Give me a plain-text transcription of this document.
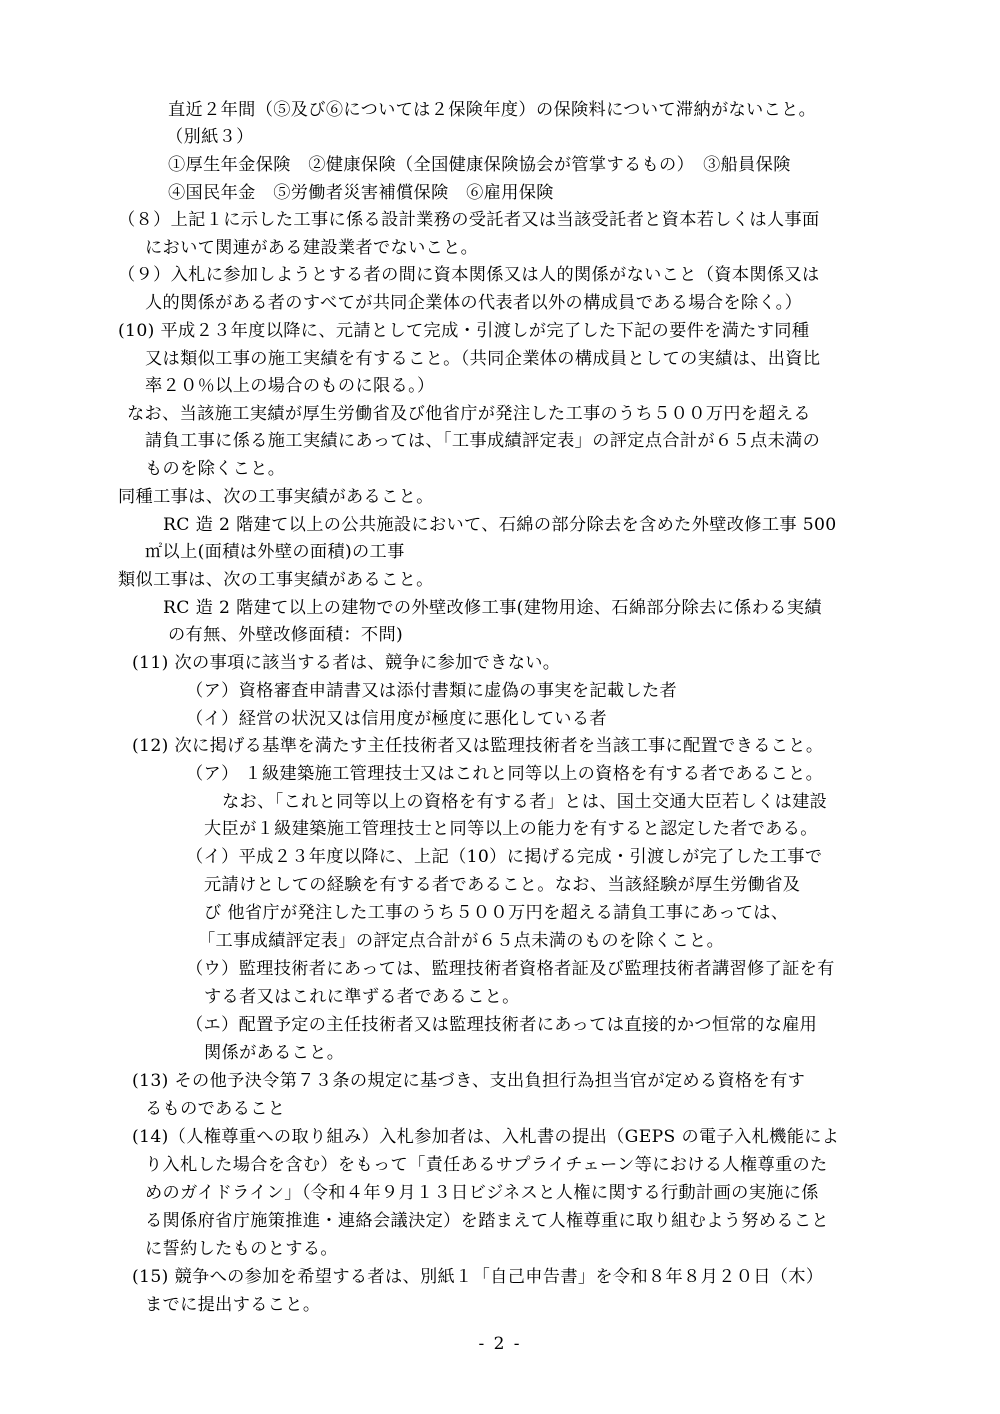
直近２年間（⑤及び⑥については２保険年度）の保険料について滞納がないこと。
（別紙３）
①厚生年金保険　②健康保険（全国健康保険協会が管掌するもの）　③船員保険
④国民年金　⑤労働者災害補償保険　⑥雇用保険
（８）上記１に示した工事に係る設計業務の受託者又は当該受託者と資本若しくは人事面
において関連がある建設業者でないこと。
（９）入札に参加しようとする者の間に資本関係又は人的関係がないこと（資本関係又は
人的関係がある者のすべてが共同企業体の代表者以外の構成員である場合を除く。）
(10) 平成２３年度以降に、元請として完成・引渡しが完了した下記の要件を満たす同種
又は類似工事の施工実績を有すること。（共同企業体の構成員としての実績は、出資比
率２０％以上の場合のものに限る。）
なお、当該施工実績が厚生労働省及び他省庁が発注した工事のうち５００万円を超える
請負工事に係る施工実績にあっては、「工事成績評定表」の評定点合計が６５点未満の
ものを除くこと。
同種工事は、次の工事実績があること。
RC 造 2 階建て以上の公共施設において、石綿の部分除去を含めた外壁改修工事 500
㎡以上(面積は外壁の面積)の工事
類似工事は、次の工事実績があること。
RC 造 2 階建て以上の建物での外壁改修工事(建物用途、石綿部分除去に係わる実績
の有無、外壁改修面積：不問)
(11) 次の事項に該当する者は、競争に参加できない。
（ア）資格審査申請書又は添付書類に虚偽の事実を記載した者
（イ）経営の状況又は信用度が極度に悪化している者
(12) 次に掲げる基準を満たす主任技術者又は監理技術者を当該工事に配置できること。
（ア） １級建築施工管理技士又はこれと同等以上の資格を有する者であること。
なお、「これと同等以上の資格を有する者」とは、国土交通大臣若しくは建設
大臣が１級建築施工管理技士と同等以上の能力を有すると認定した者である。
（イ）平成２３年度以降に、上記（10）に掲げる完成・引渡しが完了した工事で
元請けとしての経験を有する者であること。なお、当該経験が厚生労働省及
び 他省庁が発注した工事のうち５００万円を超える請負工事にあっては、
「工事成績評定表」の評定点合計が６５点未満のものを除くこと。
（ウ）監理技術者にあっては、監理技術者資格者証及び監理技術者講習修了証を有
する者又はこれに準ずる者であること。
（エ）配置予定の主任技術者又は監理技術者にあっては直接的かつ恒常的な雇用
関係があること。
(13) その他予決令第７３条の規定に基づき、支出負担行為担当官が定める資格を有す
るものであること
(14)（人権尊重への取り組み）入札参加者は、入札書の提出（GEPS の電子入札機能によ
り入札した場合を含む）をもって「責任あるサプライチェーン等における人権尊重のた
めのガイドライン」（令和４年９月１３日ビジネスと人権に関する行動計画の実施に係
る関係府省庁施策推進・連絡会議決定）を踏まえて人権尊重に取り組むよう努めること
に誓約したものとする。
(15) 競争への参加を希望する者は、別紙１「自己申告書」を令和８年８月２０日（木）
までに提出すること。
- 2 -
